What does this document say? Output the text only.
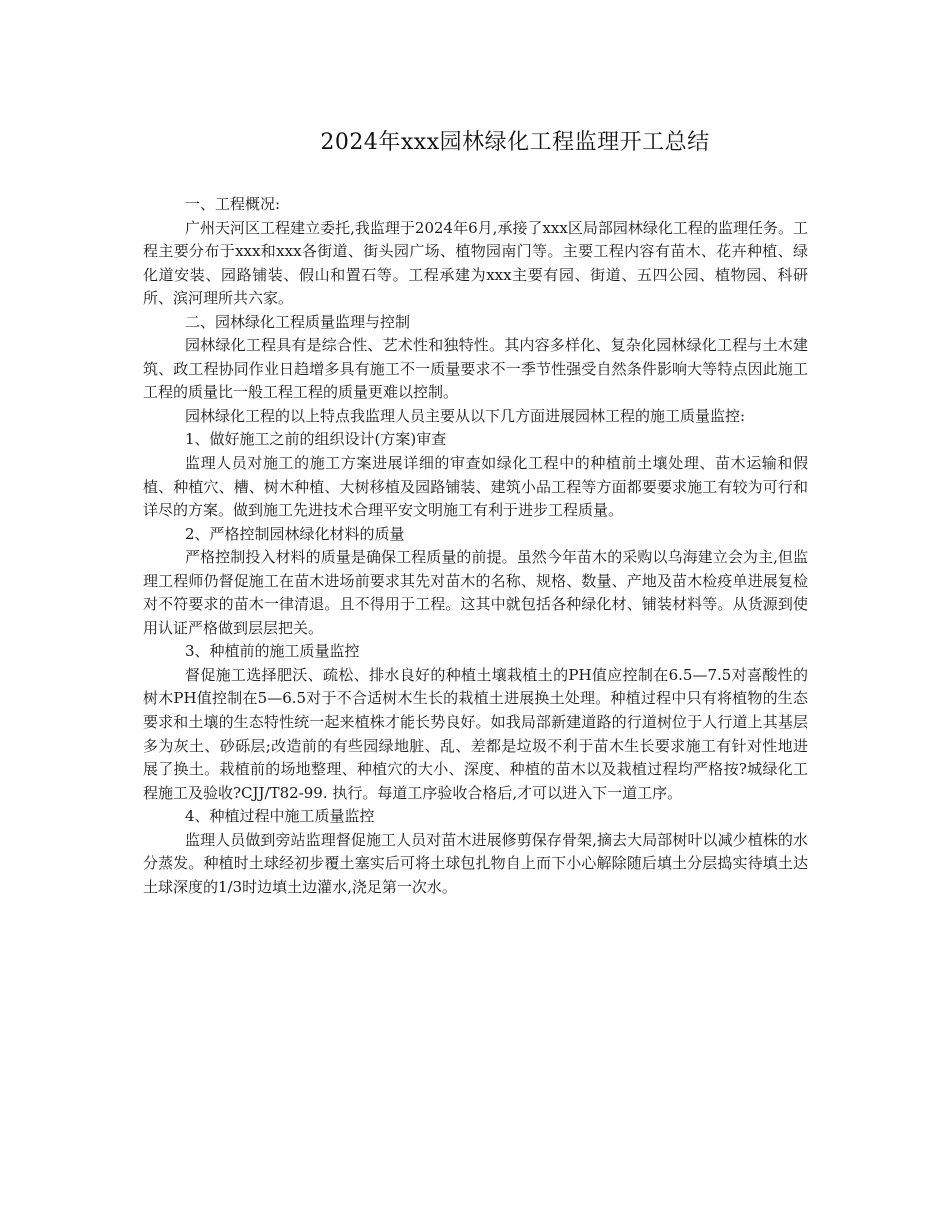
2024年xxx园林绿化工程监理开工总结

一、工程概况:

广州天河区工程建立委托,我监理于2024年6月,承接了xxx区局部园林绿化工程的监理任务。工程主要分布于xxx和xxx各街道、街头园广场、植物园南门等。主要工程内容有苗木、花卉种植、绿化道安装、园路铺装、假山和置石等。工程承建为xxx主要有园、街道、五四公园、植物园、科研所、滨河理所共六家。

二、园林绿化工程质量监理与控制

园林绿化工程具有是综合性、艺术性和独特性。其内容多样化、复杂化园林绿化工程与土木建筑、政工程协同作业日趋增多具有施工不一质量要求不一季节性强受自然条件影响大等特点因此施工工程的质量比一般工程工程的质量更难以控制。

园林绿化工程的以上特点我监理人员主要从以下几方面进展园林工程的施工质量监控:

1、做好施工之前的组织设计(方案)审查

监理人员对施工的施工方案进展详细的审查如绿化工程中的种植前土壤处理、苗木运输和假植、种植穴、槽、树木种植、大树移植及园路铺装、建筑小品工程等方面都要要求施工有较为可行和详尽的方案。做到施工先进技术合理平安文明施工有利于进步工程质量。

2、严格控制园林绿化材料的质量

严格控制投入材料的质量是确保工程质量的前提。虽然今年苗木的采购以乌海建立会为主,但监理工程师仍督促施工在苗木进场前要求其先对苗木的名称、规格、数量、产地及苗木检疫单进展复检对不符要求的苗木一律清退。且不得用于工程。这其中就包括各种绿化材、铺装材料等。从货源到使用认证严格做到层层把关。

3、种植前的施工质量监控

督促施工选择肥沃、疏松、排水良好的种植土壤栽植土的PH值应控制在6.5—7.5对喜酸性的树木PH值控制在5—6.5对于不合适树木生长的栽植土进展换土处理。种植过程中只有将植物的生态要求和土壤的生态特性统一起来植株才能长势良好。如我局部新建道路的行道树位于人行道上其基层多为灰土、砂砾层;改造前的有些园绿地脏、乱、差都是垃圾不利于苗木生长要求施工有针对性地进展了换土。栽植前的场地整理、种植穴的大小、深度、种植的苗木以及栽植过程均严格按?城绿化工程施工及验收?CJJ/T82-99. 执行。每道工序验收合格后,才可以进入下一道工序。

4、种植过程中施工质量监控

监理人员做到旁站监理督促施工人员对苗木进展修剪保存骨架,摘去大局部树叶以减少植株的水分蒸发。种植时土球经初步覆土塞实后可将土球包扎物自上而下小心解除随后填土分层捣实待填土达土球深度的1/3时边填土边灌水,浇足第一次水。
